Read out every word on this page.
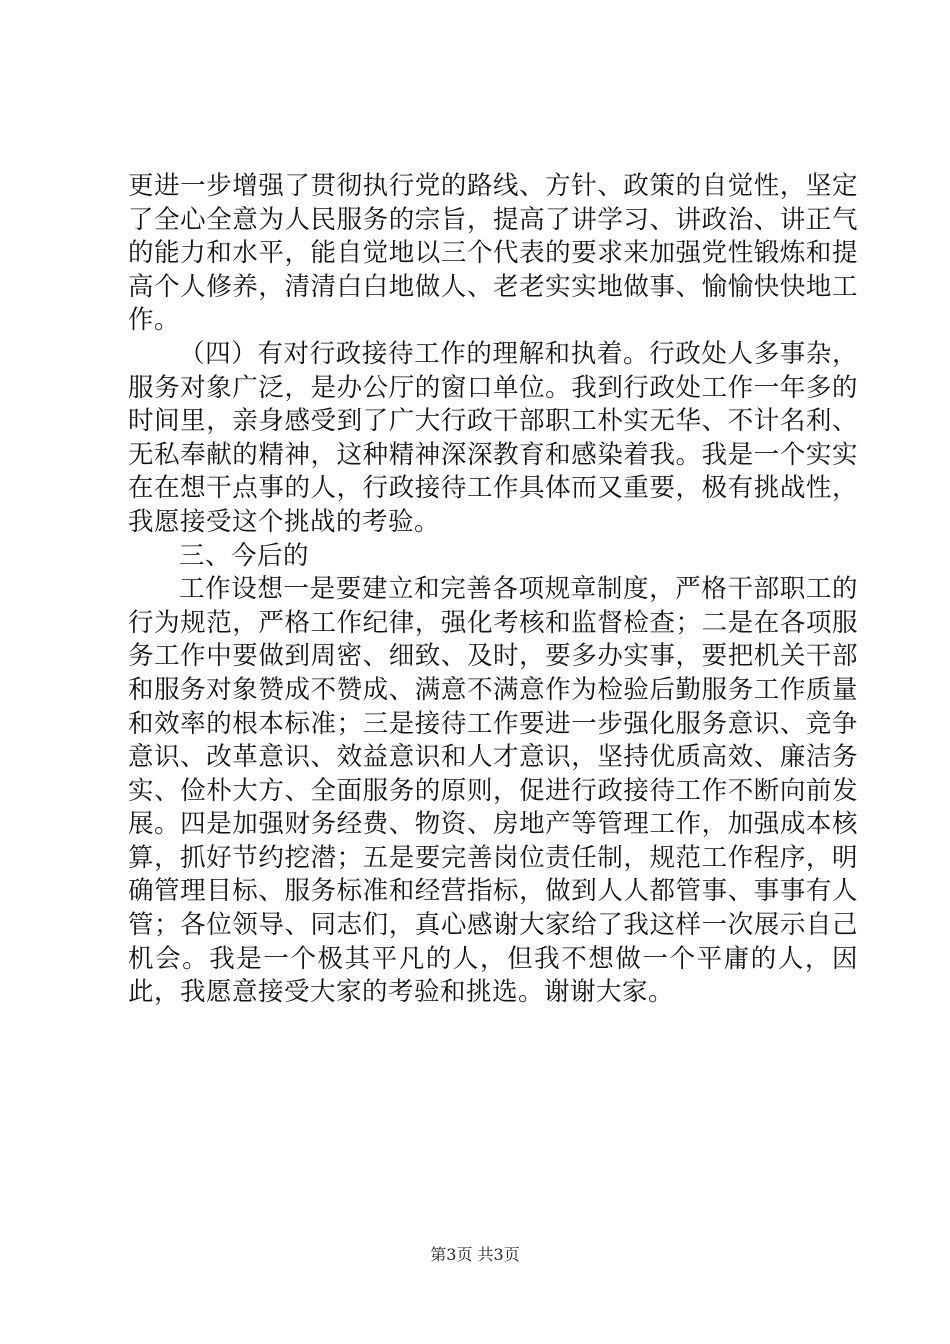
更进一步增强了贯彻执行党的路线、方针、政策的自觉性，坚定了全心全意为人民服务的宗旨，提高了讲学习、讲政治、讲正气的能力和水平，能自觉地以三个代表的要求来加强党性锻炼和提高个人修养，清清白白地做人、老老实实地做事、愉愉快快地工作。

（四）有对行政接待工作的理解和执着。行政处人多事杂，服务对象广泛，是办公厅的窗口单位。我到行政处工作一年多的时间里，亲身感受到了广大行政干部职工朴实无华、不计名利、无私奉献的精神，这种精神深深教育和感染着我。我是一个实实在在想干点事的人，行政接待工作具体而又重要，极有挑战性，我愿接受这个挑战的考验。

三、今后的

工作设想一是要建立和完善各项规章制度，严格干部职工的行为规范，严格工作纪律，强化考核和监督检查；二是在各项服务工作中要做到周密、细致、及时，要多办实事，要把机关干部和服务对象赞成不赞成、满意不满意作为检验后勤服务工作质量和效率的根本标准；三是接待工作要进一步强化服务意识、竞争意识、改革意识、效益意识和人才意识，坚持优质高效、廉洁务实、俭朴大方、全面服务的原则，促进行政接待工作不断向前发展。四是加强财务经费、物资、房地产等管理工作，加强成本核算，抓好节约挖潜；五是要完善岗位责任制，规范工作程序，明确管理目标、服务标准和经营指标，做到人人都管事、事事有人管；各位领导、同志们，真心感谢大家给了我这样一次展示自己机会。我是一个极其平凡的人，但我不想做一个平庸的人，因此，我愿意接受大家的考验和挑选。谢谢大家。

第3页 共3页
